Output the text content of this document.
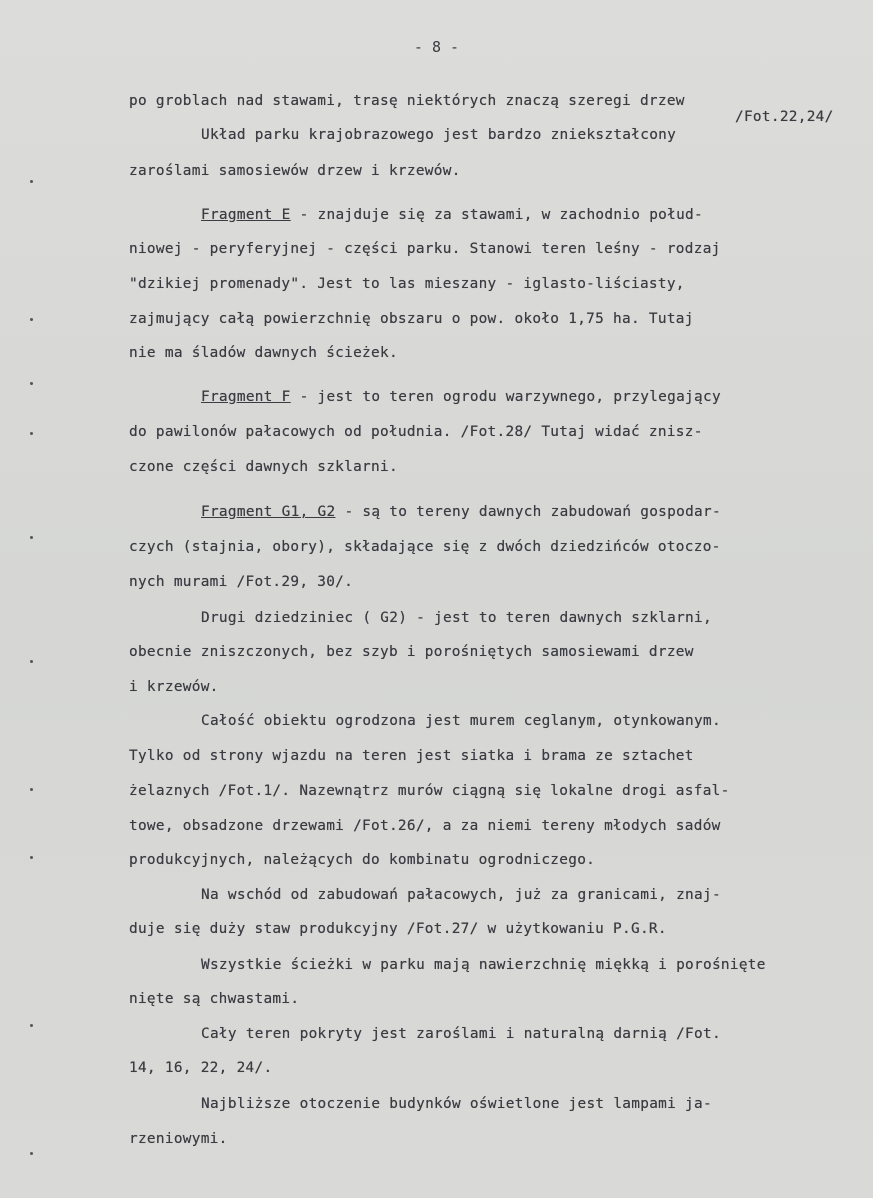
- 8 -
po groblach nad stawami, trasę niektórych znaczą szeregi drzew
/Fot.22,24/
Układ parku krajobrazowego jest bardzo zniekształcony
zaroślami samosiewów drzew i krzewów.
Fragment E - znajduje się za stawami, w zachodnio połud-
niowej - peryferyjnej - części parku. Stanowi teren leśny - rodzaj
"dzikiej promenady". Jest to las mieszany - iglasto-liściasty,
zajmujący całą powierzchnię obszaru o pow. około 1,75 ha. Tutaj
nie ma śladów dawnych ścieżek.
Fragment F - jest to teren ogrodu warzywnego, przylegający
do pawilonów pałacowych od południa. /Fot.28/ Tutaj widać znisz-
czone części dawnych szklarni.
Fragment G1, G2 - są to tereny dawnych zabudowań gospodar-
czych (stajnia, obory), składające się z dwóch dziedzińców otoczo-
nych murami /Fot.29, 30/.
Drugi dziedziniec ( G2) - jest to teren dawnych szklarni,
obecnie zniszczonych, bez szyb i porośniętych samosiewami drzew
i krzewów.
Całość obiektu ogrodzona jest murem ceglanym, otynkowanym.
Tylko od strony wjazdu na teren jest siatka i brama ze sztachet
żelaznych /Fot.1/. Nazewnątrz murów ciągną się lokalne drogi asfal-
towe, obsadzone drzewami /Fot.26/, a za niemi tereny młodych sadów
produkcyjnych, należących do kombinatu ogrodniczego.
Na wschód od zabudowań pałacowych, już za granicami, znaj-
duje się duży staw produkcyjny /Fot.27/ w użytkowaniu P.G.R.
Wszystkie ścieżki w parku mają nawierzchnię miękką i porośnięte
nięte są chwastami.
Cały teren pokryty jest zaroślami i naturalną darnią /Fot.
14, 16, 22, 24/.
Najbliższe otoczenie budynków oświetlone jest lampami ja-
rzeniowymi.
